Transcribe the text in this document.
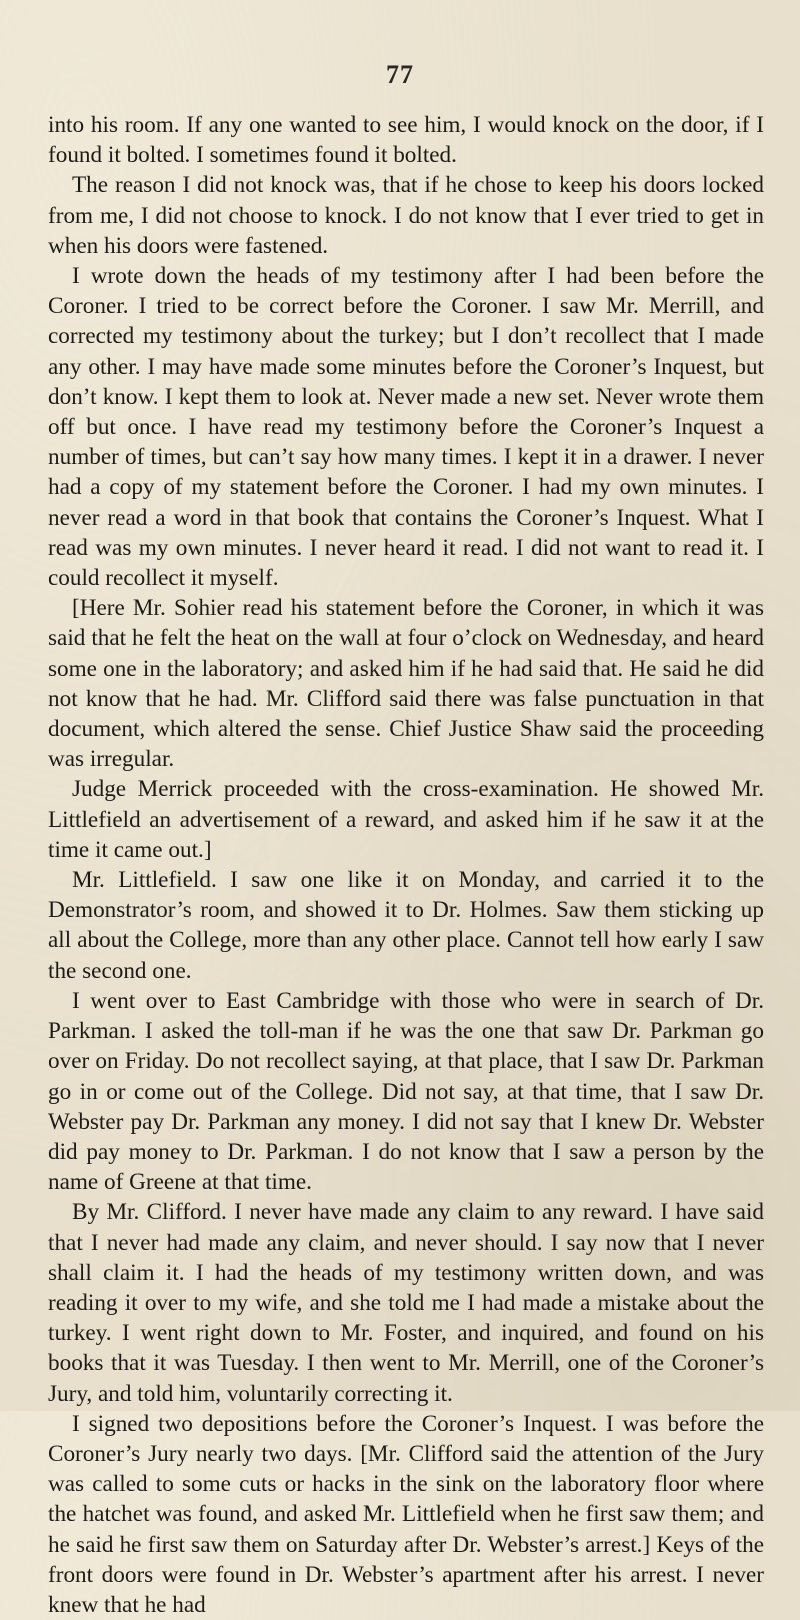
77

into his room. If any one wanted to see him, I would knock on the door, if I found it bolted. I sometimes found it bolted.

The reason I did not knock was, that if he chose to keep his doors locked from me, I did not choose to knock. I do not know that I ever tried to get in when his doors were fastened.

I wrote down the heads of my testimony after I had been before the Coroner. I tried to be correct before the Coroner. I saw Mr. Merrill, and corrected my testimony about the turkey; but I don’t recollect that I made any other. I may have made some minutes before the Coroner’s Inquest, but don’t know. I kept them to look at. Never made a new set. Never wrote them off but once. I have read my testimony before the Coroner’s Inquest a number of times, but can’t say how many times. I kept it in a drawer. I never had a copy of my statement before the Coroner. I had my own minutes. I never read a word in that book that contains the Coroner’s Inquest. What I read was my own minutes. I never heard it read. I did not want to read it. I could recollect it myself.

[Here Mr. Sohier read his statement before the Coroner, in which it was said that he felt the heat on the wall at four o’clock on Wednesday, and heard some one in the laboratory; and asked him if he had said that. He said he did not know that he had. Mr. Clifford said there was false punctuation in that document, which altered the sense. Chief Justice Shaw said the proceeding was irregular.

Judge Merrick proceeded with the cross-examination. He showed Mr. Littlefield an advertisement of a reward, and asked him if he saw it at the time it came out.]

Mr. Littlefield. I saw one like it on Monday, and carried it to the Demonstrator’s room, and showed it to Dr. Holmes. Saw them sticking up all about the College, more than any other place. Cannot tell how early I saw the second one.

I went over to East Cambridge with those who were in search of Dr. Parkman. I asked the toll-man if he was the one that saw Dr. Parkman go over on Friday. Do not recollect saying, at that place, that I saw Dr. Parkman go in or come out of the College. Did not say, at that time, that I saw Dr. Webster pay Dr. Parkman any money. I did not say that I knew Dr. Webster did pay money to Dr. Parkman. I do not know that I saw a person by the name of Greene at that time.

By Mr. Clifford. I never have made any claim to any reward. I have said that I never had made any claim, and never should. I say now that I never shall claim it. I had the heads of my testimony written down, and was reading it over to my wife, and she told me I had made a mistake about the turkey. I went right down to Mr. Foster, and inquired, and found on his books that it was Tuesday. I then went to Mr. Merrill, one of the Coroner’s Jury, and told him, voluntarily correcting it.

I signed two depositions before the Coroner’s Inquest. I was before the Coroner’s Jury nearly two days. [Mr. Clifford said the attention of the Jury was called to some cuts or hacks in the sink on the laboratory floor where the hatchet was found, and asked Mr. Littlefield when he first saw them; and he said he first saw them on Saturday after Dr. Webster’s arrest.] Keys of the front doors were found in Dr. Webster’s apartment after his arrest. I never knew that he had
